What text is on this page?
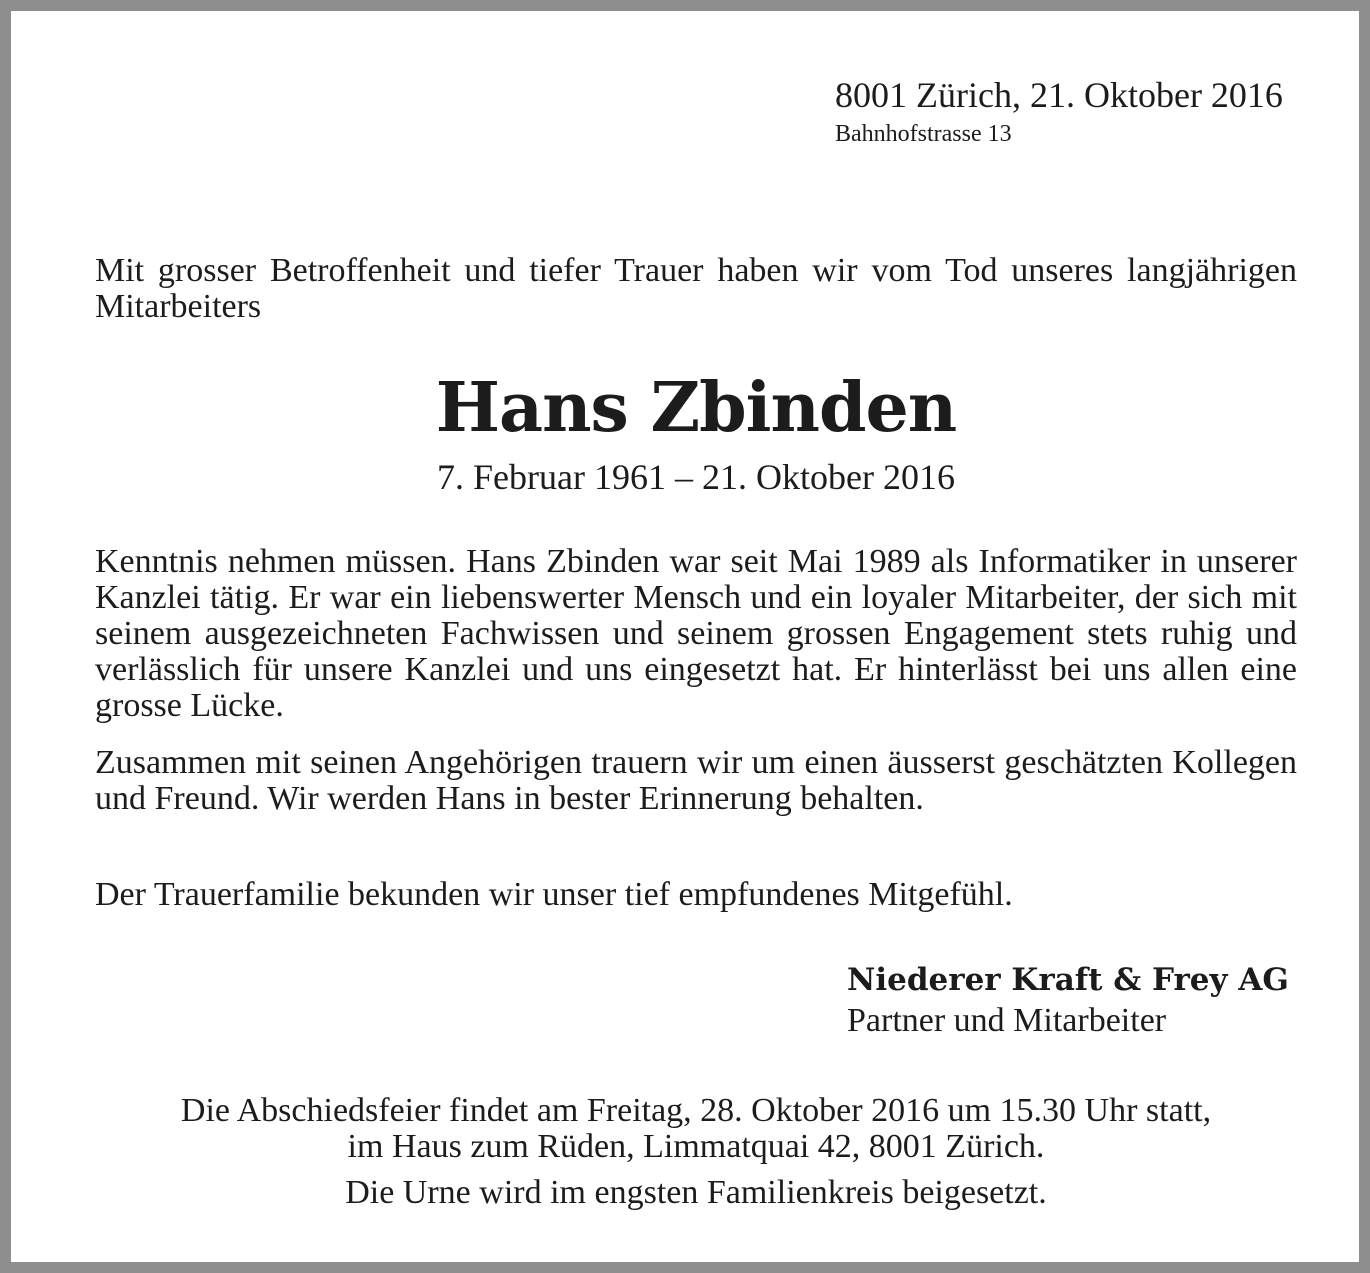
8001 Zürich, 21. Oktober 2016
Bahnhofstrasse 13
Mit grosser Betroffenheit und tiefer Trauer haben wir vom Tod unseres langjährigen Mitarbeiters
Hans Zbinden
7. Februar 1961 – 21. Oktober 2016
Kenntnis nehmen müssen. Hans Zbinden war seit Mai 1989 als Informatiker in unserer Kanzlei tätig. Er war ein liebenswerter Mensch und ein loyaler Mitarbeiter, der sich mit seinem ausgezeichneten Fachwissen und seinem grossen Engagement stets ruhig und verlässlich für unsere Kanzlei und uns eingesetzt hat. Er hinterlässt bei uns allen eine grosse Lücke.
Zusammen mit seinen Angehörigen trauern wir um einen äusserst geschätzten Kollegen und Freund. Wir werden Hans in bester Erinnerung behalten.
Der Trauerfamilie bekunden wir unser tief empfundenes Mitgefühl.
Niederer Kraft & Frey AG
Partner und Mitarbeiter
Die Abschiedsfeier findet am Freitag, 28. Oktober 2016 um 15.30 Uhr statt,
im Haus zum Rüden, Limmatquai 42, 8001 Zürich.
Die Urne wird im engsten Familienkreis beigesetzt.
